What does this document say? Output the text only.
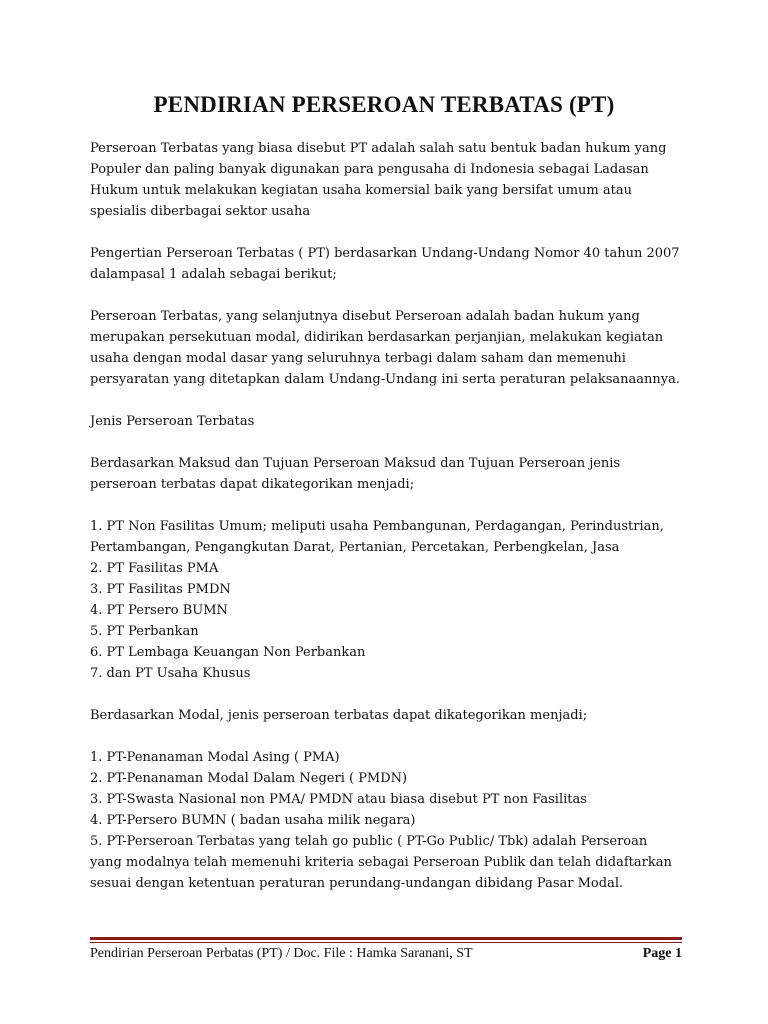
PENDIRIAN PERSEROAN TERBATAS (PT)

Perseroan Terbatas yang biasa disebut PT adalah salah satu bentuk badan hukum yang Populer dan paling banyak digunakan para pengusaha di Indonesia sebagai Ladasan Hukum untuk melakukan kegiatan usaha komersial baik yang bersifat umum atau spesialis diberbagai sektor usaha

Pengertian Perseroan Terbatas ( PT) berdasarkan Undang-Undang Nomor 40 tahun 2007 dalampasal 1 adalah sebagai berikut;

Perseroan Terbatas, yang selanjutnya disebut Perseroan adalah badan hukum yang merupakan persekutuan modal, didirikan berdasarkan perjanjian, melakukan kegiatan usaha dengan modal dasar yang seluruhnya terbagi dalam saham dan memenuhi persyaratan yang ditetapkan dalam Undang-Undang ini serta peraturan pelaksanaannya.

Jenis Perseroan Terbatas

Berdasarkan Maksud dan Tujuan Perseroan Maksud dan Tujuan Perseroan jenis perseroan terbatas dapat dikategorikan menjadi;

1. PT Non Fasilitas Umum; meliputi usaha Pembangunan, Perdagangan, Perindustrian, Pertambangan, Pengangkutan Darat, Pertanian, Percetakan, Perbengkelan, Jasa
2. PT Fasilitas PMA
3. PT Fasilitas PMDN
4. PT Persero BUMN
5. PT Perbankan
6. PT Lembaga Keuangan Non Perbankan
7. dan PT Usaha Khusus

Berdasarkan Modal, jenis perseroan terbatas dapat dikategorikan menjadi;

1. PT-Penanaman Modal Asing ( PMA)
2. PT-Penanaman Modal Dalam Negeri ( PMDN)
3. PT-Swasta Nasional non PMA/ PMDN atau biasa disebut PT non Fasilitas
4. PT-Persero BUMN ( badan usaha milik negara)
5. PT-Perseroan Terbatas yang telah go public ( PT-Go Public/ Tbk) adalah Perseroan yang modalnya telah memenuhi kriteria sebagai Perseroan Publik dan telah didaftarkan sesuai dengan ketentuan peraturan perundang-undangan dibidang Pasar Modal.
Pendirian Perseroan Perbatas (PT) / Doc. File : Hamka Saranani, ST	Page 1
